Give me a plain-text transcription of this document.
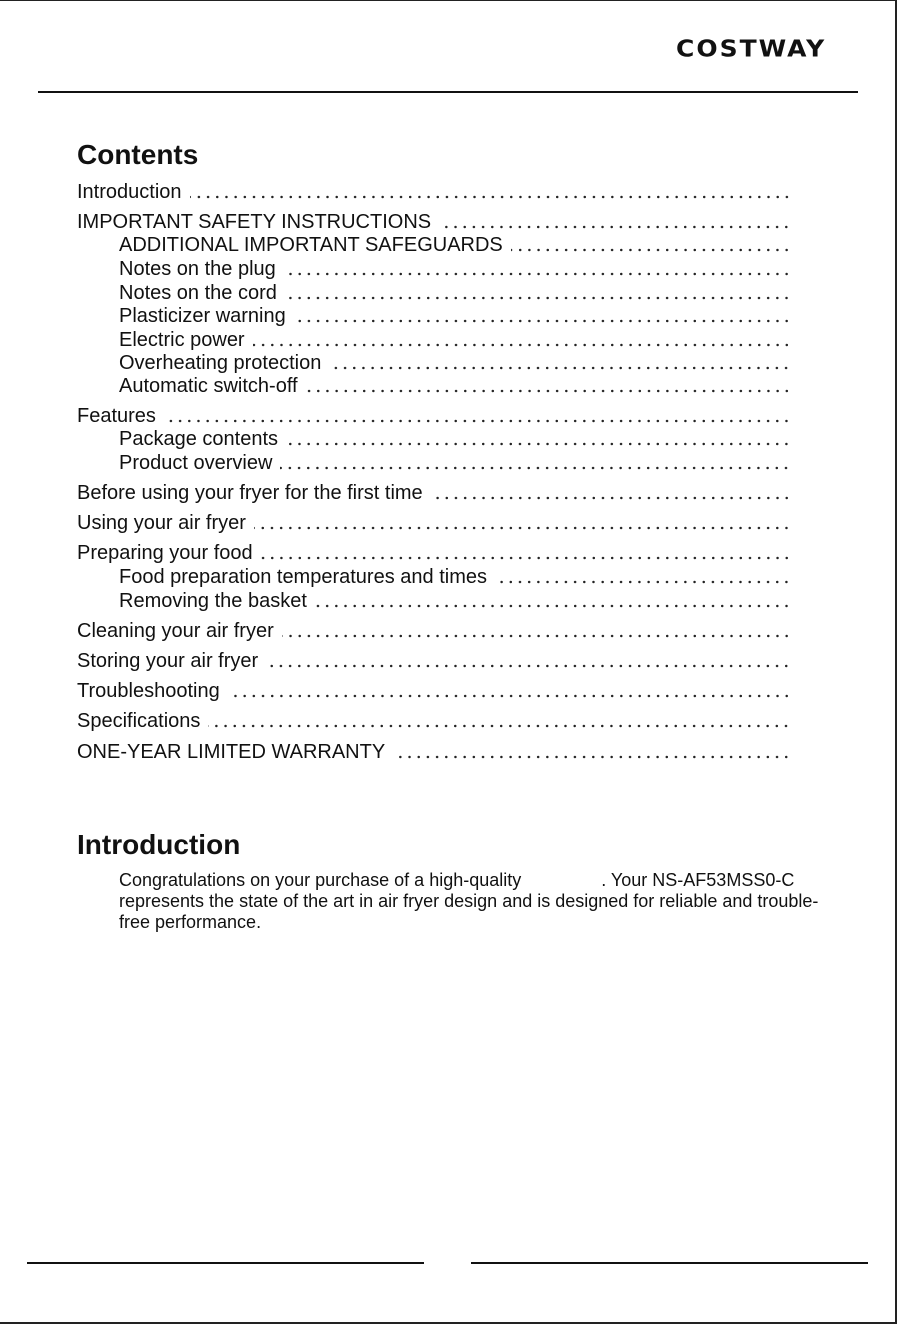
COSTWAY
Contents
Introduction
IMPORTANT SAFETY INSTRUCTIONS
ADDITIONAL IMPORTANT SAFEGUARDS
Notes on the plug
Notes on the cord
Plasticizer warning
Electric power
Overheating protection
Automatic switch-off
Features
Package contents
Product overview
Before using your fryer for the first time
Using your air fryer
Preparing your food
Food preparation temperatures and times
Removing the basket
Cleaning your air fryer
Storing your air fryer
Troubleshooting
Specifications
ONE-YEAR LIMITED WARRANTY
Introduction

Congratulations on your purchase of a high-quality	. Your NS-AF53MSS0-C represents the state of the art in air fryer design and is designed for reliable and trouble-free performance.
